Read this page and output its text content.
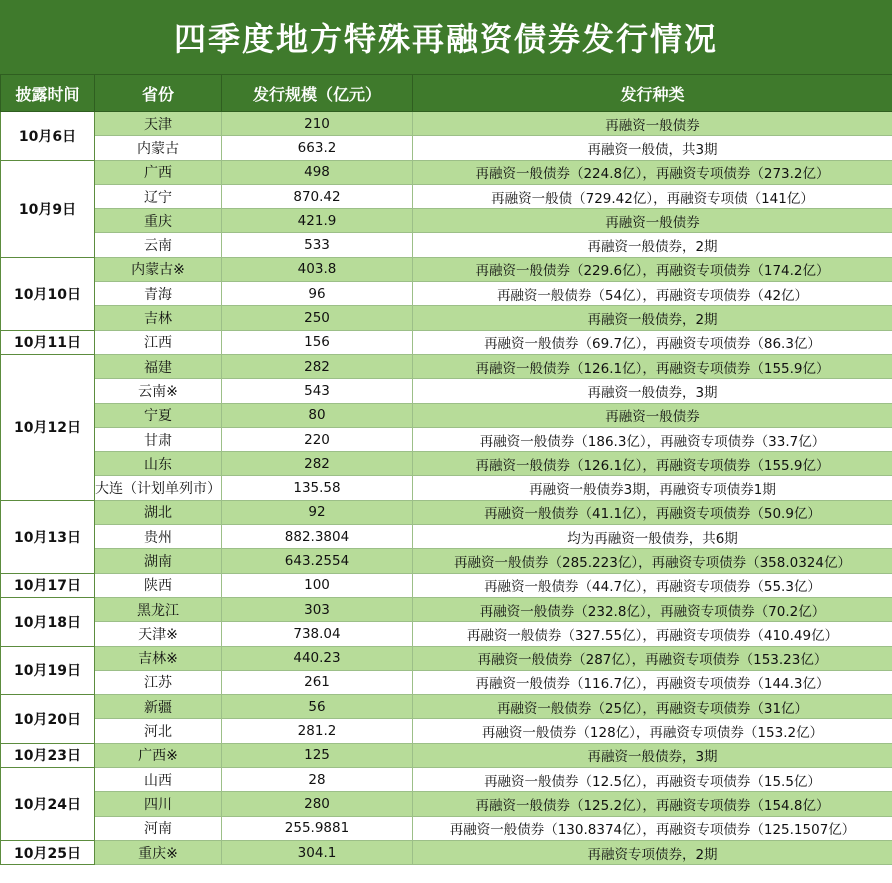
四季度地方特殊再融资债券发行情况
披露时间	省份	发行规模（亿元）	发行种类
10月6日	天津	210	再融资一般债券
	内蒙古	663.2	再融资一般债，共3期
10月9日	广西	498	再融资一般债券（224.8亿），再融资专项债券（273.2亿）
	辽宁	870.42	再融资一般债（729.42亿），再融资专项债（141亿）
	重庆	421.9	再融资一般债券
	云南	533	再融资一般债券，2期
10月10日	内蒙古※	403.8	再融资一般债券（229.6亿），再融资专项债券（174.2亿）
	青海	96	再融资一般债券（54亿），再融资专项债券（42亿）
	吉林	250	再融资一般债券，2期
10月11日	江西	156	再融资一般债券（69.7亿），再融资专项债券（86.3亿）
10月12日	福建	282	再融资一般债券（126.1亿），再融资专项债券（155.9亿）
	云南※	543	再融资一般债券，3期
	宁夏	80	再融资一般债券
	甘肃	220	再融资一般债券（186.3亿），再融资专项债券（33.7亿）
	山东	282	再融资一般债券（126.1亿），再融资专项债券（155.9亿）
	大连（计划单列市）	135.58	再融资一般债券3期，再融资专项债券1期
10月13日	湖北	92	再融资一般债券（41.1亿），再融资专项债券（50.9亿）
	贵州	882.3804	均为再融资一般债券，共6期
	湖南	643.2554	再融资一般债券（285.223亿），再融资专项债券（358.0324亿）
10月17日	陕西	100	再融资一般债券（44.7亿），再融资专项债券（55.3亿）
10月18日	黑龙江	303	再融资一般债券（232.8亿），再融资专项债券（70.2亿）
	天津※	738.04	再融资一般债券（327.55亿），再融资专项债券（410.49亿）
10月19日	吉林※	440.23	再融资一般债券（287亿），再融资专项债券（153.23亿）
	江苏	261	再融资一般债券（116.7亿），再融资专项债券（144.3亿）
10月20日	新疆	56	再融资一般债券（25亿），再融资专项债券（31亿）
	河北	281.2	再融资一般债券（128亿），再融资专项债券（153.2亿）
10月23日	广西※	125	再融资一般债券，3期
10月24日	山西	28	再融资一般债券（12.5亿），再融资专项债券（15.5亿）
	四川	280	再融资一般债券（125.2亿），再融资专项债券（154.8亿）
	河南	255.9881	再融资一般债券（130.8374亿），再融资专项债券（125.1507亿）
10月25日	重庆※	304.1	再融资专项债券，2期
